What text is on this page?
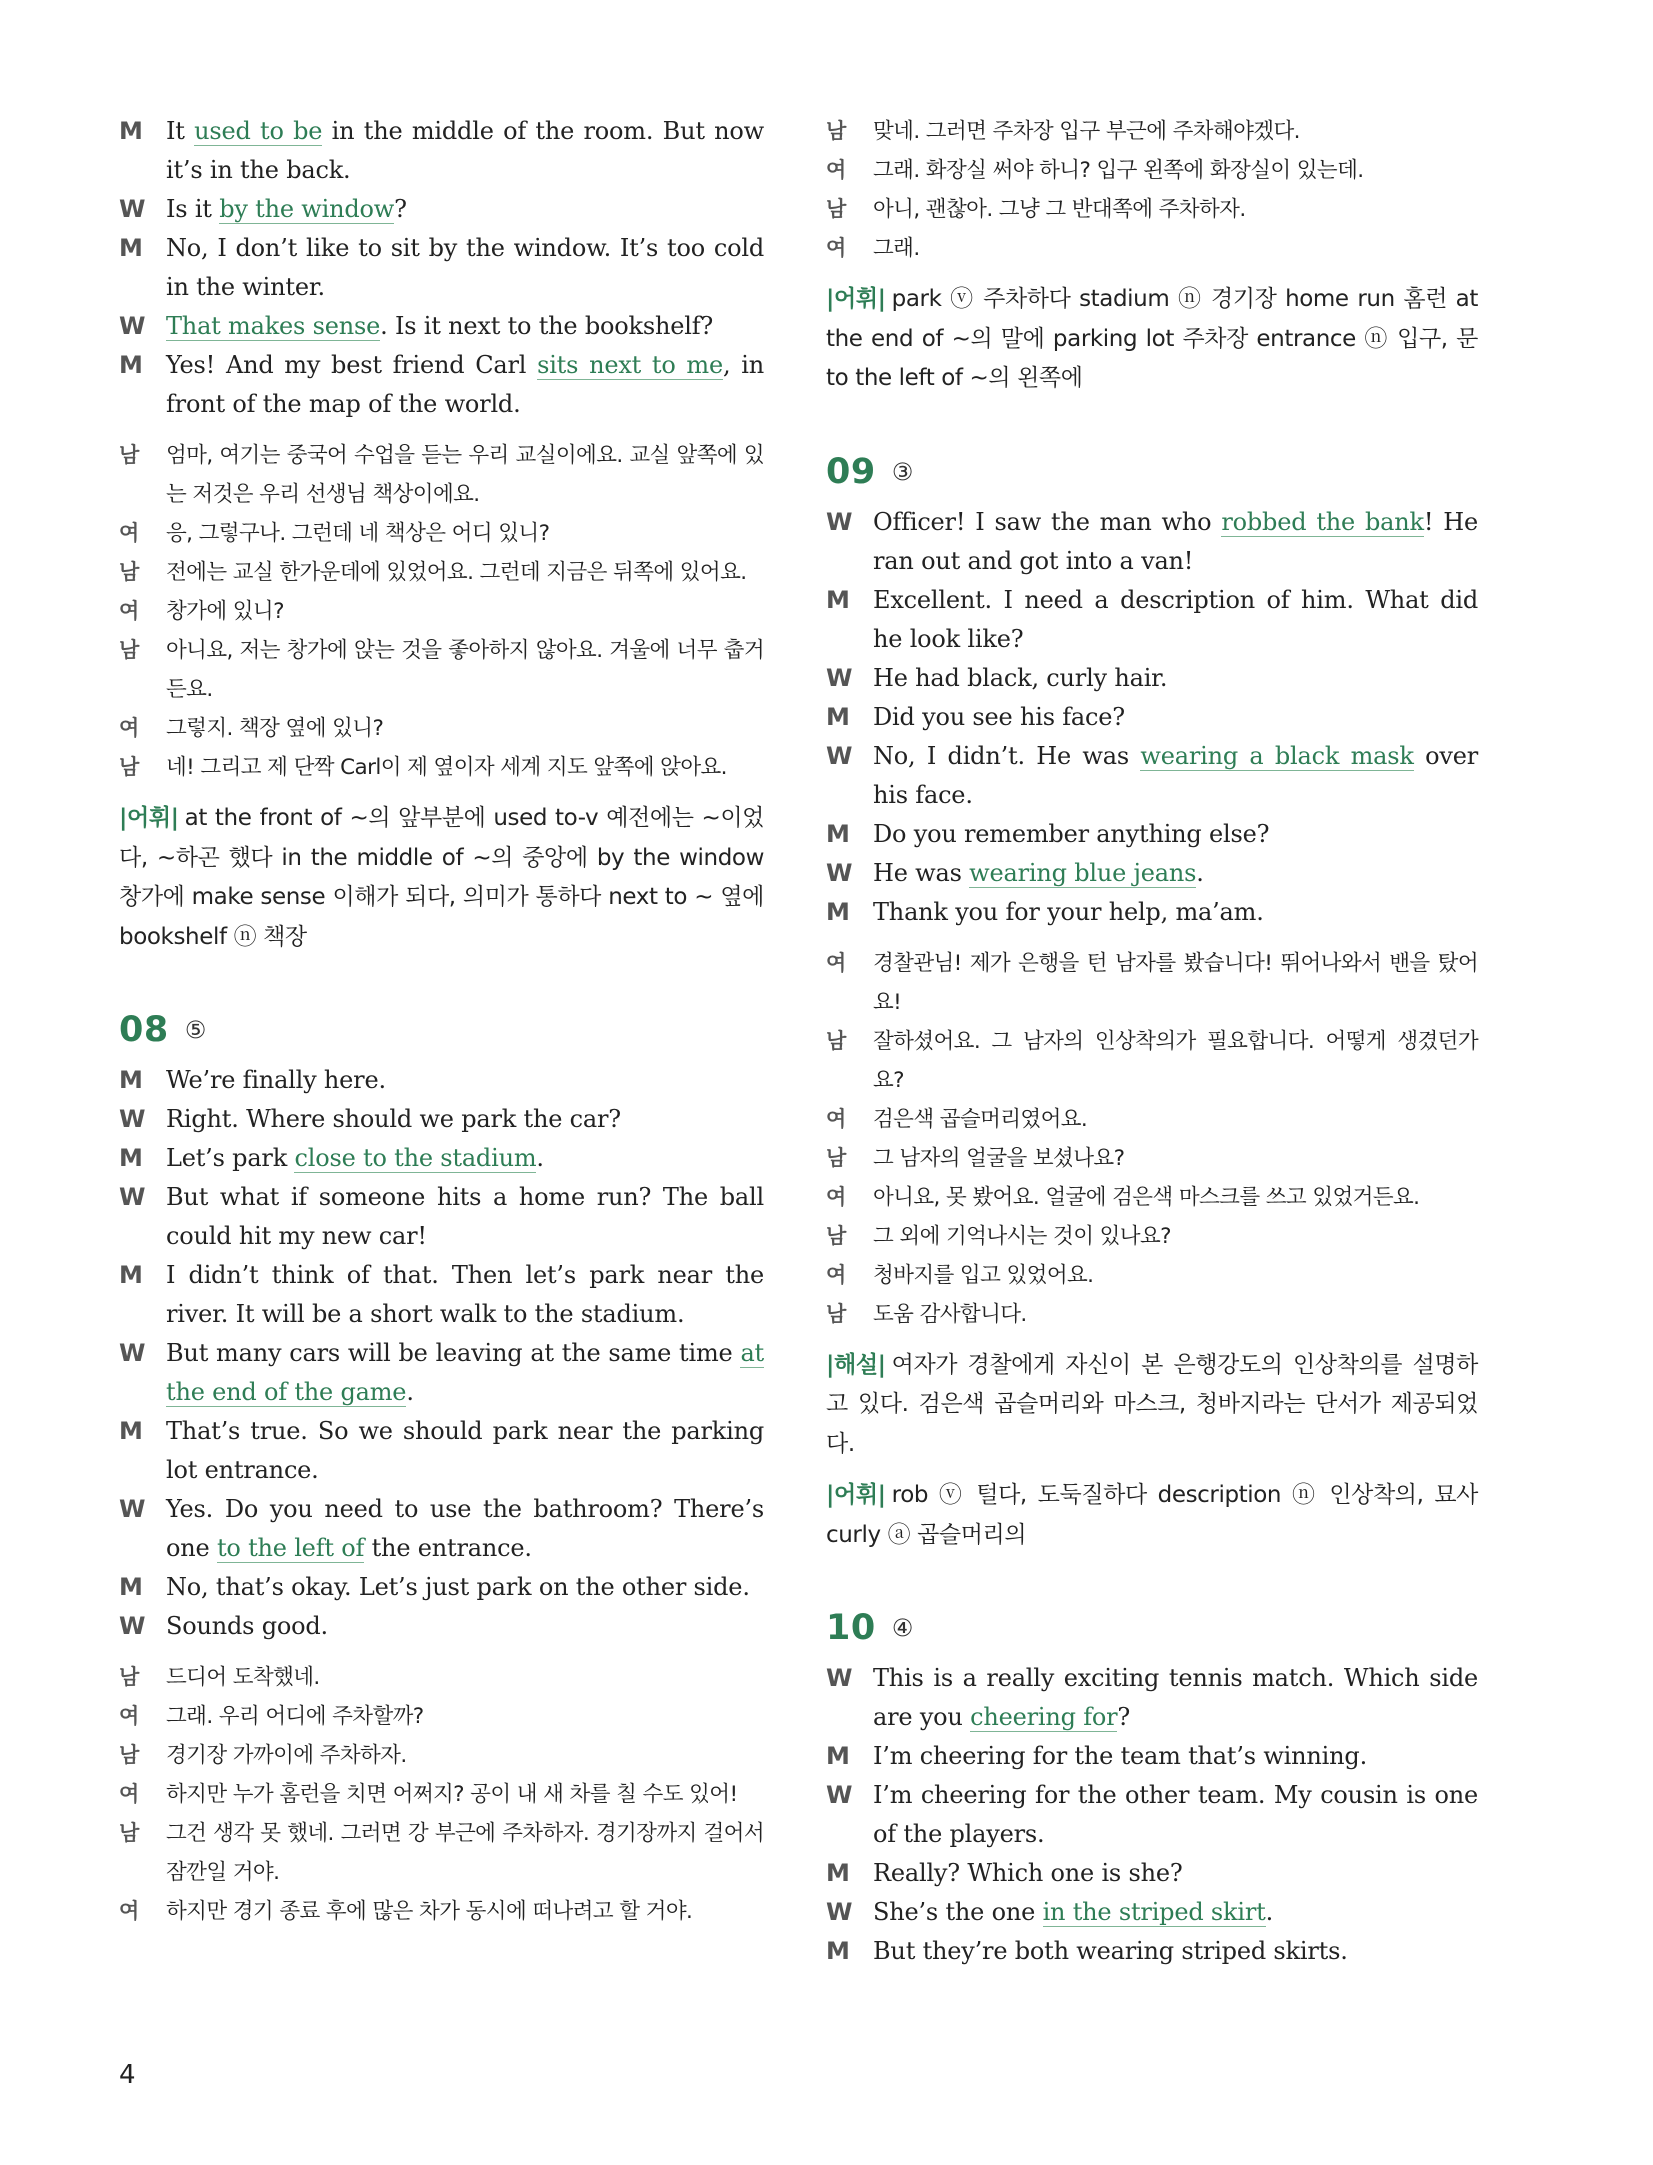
M It used to be in the middle of the room. But now it’s in the back.
W Is it by the window?
M No, I don’t like to sit by the window. It’s too cold in the winter.
W That makes sense. Is it next to the bookshelf?
M Yes! And my best friend Carl sits next to me, in front of the map of the world.
남	엄마, 여기는 중국어 수업을 듣는 우리 교실이에요. 교실 앞쪽에 있는 저것은 우리 선생님 책상이에요.
여	응, 그렇구나. 그런데 네 책상은 어디 있니?
남	전에는 교실 한가운데에 있었어요. 그런데 지금은 뒤쪽에 있어요.
여	창가에 있니?
남	아니요, 저는 창가에 앉는 것을 좋아하지 않아요. 겨울에 너무 춥거든요.
여	그렇지. 책장 옆에 있니?
남	네! 그리고 제 단짝 Carl이 제 옆이자 세계 지도 앞쪽에 앉아요.
|어휘| at the front of ~의 앞부분에 used to-v 예전에는 ~이었다, ~하곤 했다 in the middle of ~의 중앙에 by the window 창가에 make sense 이해가 되다, 의미가 통하다 next to ~ 옆에 bookshelf ⓝ 책장
08 ⑤
M We’re finally here.
W Right. Where should we park the car?
M Let’s park close to the stadium.
W But what if someone hits a home run? The ball could hit my new car!
M I didn’t think of that. Then let’s park near the river. It will be a short walk to the stadium.
W But many cars will be leaving at the same time at the end of the game.
M That’s true. So we should park near the parking lot entrance.
W Yes. Do you need to use the bathroom? There’s one to the left of the entrance.
M No, that’s okay. Let’s just park on the other side.
W Sounds good.
남	드디어 도착했네.
여	그래. 우리 어디에 주차할까?
남	경기장 가까이에 주차하자.
여	하지만 누가 홈런을 치면 어쩌지? 공이 내 새 차를 칠 수도 있어!
남	그건 생각 못 했네. 그러면 강 부근에 주차하자. 경기장까지 걸어서 잠깐일 거야.
여	하지만 경기 종료 후에 많은 차가 동시에 떠나려고 할 거야.
남	맞네. 그러면 주차장 입구 부근에 주차해야겠다.
여	그래. 화장실 써야 하니? 입구 왼쪽에 화장실이 있는데.
남	아니, 괜찮아. 그냥 그 반대쪽에 주차하자.
여	그래.
|어휘| park ⓥ 주차하다 stadium ⓝ 경기장 home run 홈런 at the end of ~의 말에 parking lot 주차장 entrance ⓝ 입구, 문 to the left of ~의 왼쪽에
09 ③
W Officer! I saw the man who robbed the bank! He ran out and got into a van!
M Excellent. I need a description of him. What did he look like?
W He had black, curly hair.
M Did you see his face?
W No, I didn’t. He was wearing a black mask over his face.
M Do you remember anything else?
W He was wearing blue jeans.
M Thank you for your help, ma’am.
여	경찰관님! 제가 은행을 턴 남자를 봤습니다! 뛰어나와서 밴을 탔어요!
남	잘하셨어요. 그 남자의 인상착의가 필요합니다. 어떻게 생겼던가요?
여	검은색 곱슬머리였어요.
남	그 남자의 얼굴을 보셨나요?
여	아니요, 못 봤어요. 얼굴에 검은색 마스크를 쓰고 있었거든요.
남	그 외에 기억나시는 것이 있나요?
여	청바지를 입고 있었어요.
남	도움 감사합니다.
|해설| 여자가 경찰에게 자신이 본 은행강도의 인상착의를 설명하고 있다. 검은색 곱슬머리와 마스크, 청바지라는 단서가 제공되었다.
|어휘| rob ⓥ 털다, 도둑질하다 description ⓝ 인상착의, 묘사 curly ⓐ 곱슬머리의
10 ④
W This is a really exciting tennis match. Which side are you cheering for?
M I’m cheering for the team that’s winning.
W I’m cheering for the other team. My cousin is one of the players.
M Really? Which one is she?
W She’s the one in the striped skirt.
M But they’re both wearing striped skirts.
4
